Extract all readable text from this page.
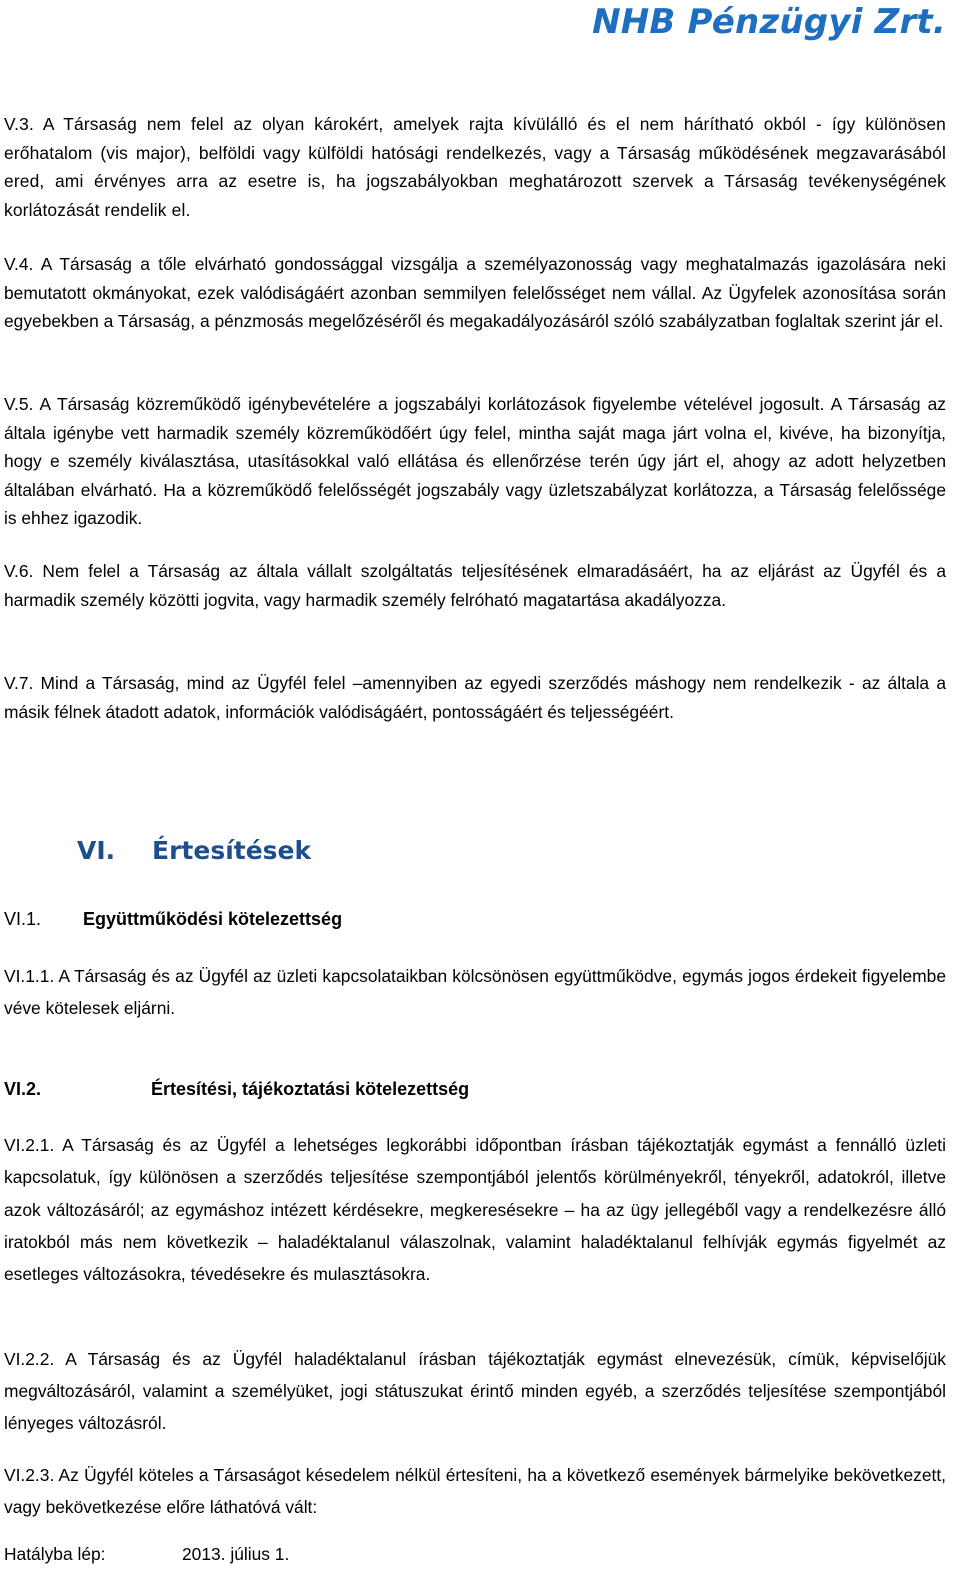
NHB Pénzügyi Zrt.

V.3. A Társaság nem felel az olyan károkért, amelyek rajta kívülálló és el nem hárítható okból - így különösen erőhatalom (vis major), belföldi vagy külföldi hatósági rendelkezés, vagy a Társaság működésének megzavarásából ered, ami érvényes arra az esetre is, ha jogszabályokban meghatározott szervek a Társaság tevékenységének korlátozását rendelik el.

V.4. A Társaság a tőle elvárható gondossággal vizsgálja a személyazonosság vagy meghatalmazás igazolására neki bemutatott okmányokat, ezek valódiságáért azonban semmilyen felelősséget nem vállal. Az Ügyfelek azonosítása során egyebekben a Társaság, a pénzmosás megelőzéséről és megakadályozásáról szóló szabályzatban foglaltak szerint jár el.

V.5. A Társaság közreműködő igénybevételére a jogszabályi korlátozások figyelembe vételével jogosult. A Társaság az általa igénybe vett harmadik személy közreműködőért úgy felel, mintha saját maga járt volna el, kivéve, ha bizonyítja, hogy e személy kiválasztása, utasításokkal való ellátása és ellenőrzése terén úgy járt el, ahogy az adott helyzetben általában elvárható. Ha a közreműködő felelősségét jogszabály vagy üzletszabályzat korlátozza, a Társaság felelőssége is ehhez igazodik.

V.6. Nem felel a Társaság az általa vállalt szolgáltatás teljesítésének elmaradásáért, ha az eljárást az Ügyfél és a harmadik személy közötti jogvita, vagy harmadik személy felróható magatartása akadályozza.

V.7. Mind a Társaság, mind az Ügyfél felel –amennyiben az egyedi szerződés máshogy nem rendelkezik - az általa a másik félnek átadott adatok, információk valódiságáért, pontosságáért és teljességéért.

VI. Értesítések
VI.1. Együttműködési kötelezettség

VI.1.1. A Társaság és az Ügyfél az üzleti kapcsolataikban kölcsönösen együttműködve, egymás jogos érdekeit figyelembe véve kötelesek eljárni.

VI.2.	Értesítési, tájékoztatási kötelezettség

VI.2.1. A Társaság és az Ügyfél a lehetséges legkorábbi időpontban írásban tájékoztatják egymást a fennálló üzleti kapcsolatuk, így különösen a szerződés teljesítése szempontjából jelentős körülményekről, tényekről, adatokról, illetve azok változásáról; az egymáshoz intézett kérdésekre, megkeresésekre – ha az ügy jellegéből vagy a rendelkezésre álló iratokból más nem következik – haladéktalanul válaszolnak, valamint haladéktalanul felhívják egymás figyelmét az esetleges változásokra, tévedésekre és mulasztásokra.

VI.2.2. A Társaság és az Ügyfél haladéktalanul írásban tájékoztatják egymást elnevezésük, címük, képviselőjük megváltozásáról, valamint a személyüket, jogi státuszukat érintő minden egyéb, a szerződés teljesítése szempontjából lényeges változásról.

VI.2.3. Az Ügyfél köteles a Társaságot késedelem nélkül értesíteni, ha a következő események bármelyike bekövetkezett, vagy bekövetkezése előre láthatóvá vált:

Hatályba lép:	2013. július 1.
